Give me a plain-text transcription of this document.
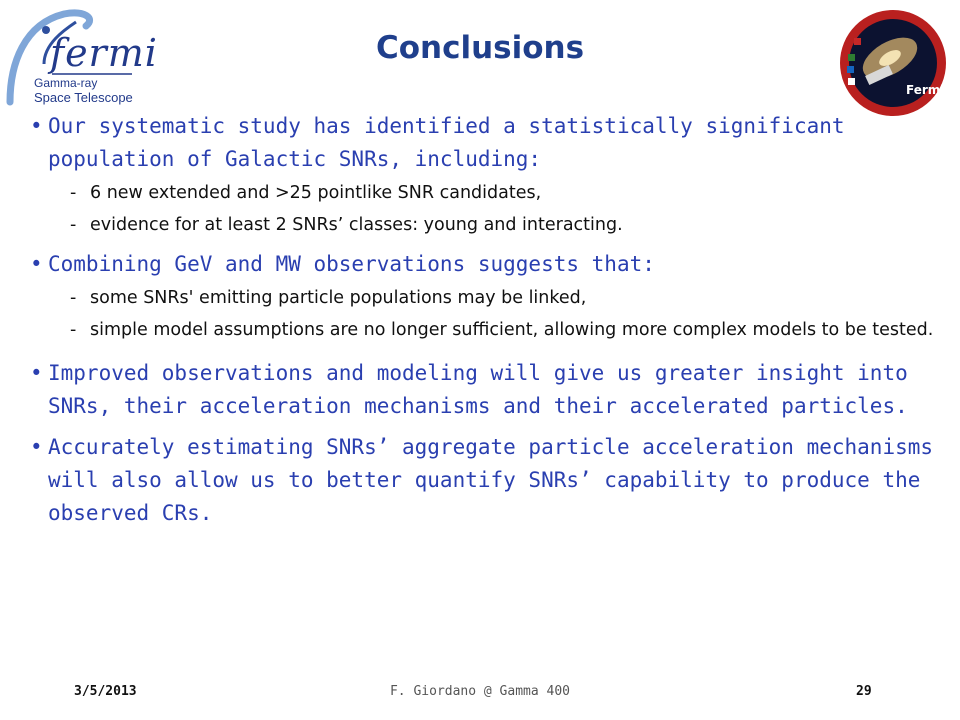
fermi
Gamma-ray
Space Telescope	Fermi
Conclusions
• Our systematic study has identified a statistically significant population of Galactic SNRs, including:
- 6 new extended and >25 pointlike SNR candidates,
- evidence for at least 2 SNRs’ classes: young and interacting.
• Combining GeV and MW observations suggests that:
- some SNRs' emitting particle populations may be linked,
- simple model assumptions are no longer sufficient, allowing more complex models to be tested.
• Improved observations and modeling will give us greater insight into SNRs, their acceleration mechanisms and their accelerated particles.
• Accurately estimating SNRs’ aggregate particle acceleration mechanisms will also allow us to better quantify SNRs’ capability to produce the observed CRs.
3/5/2013	F. Giordano @ Gamma 400	29
